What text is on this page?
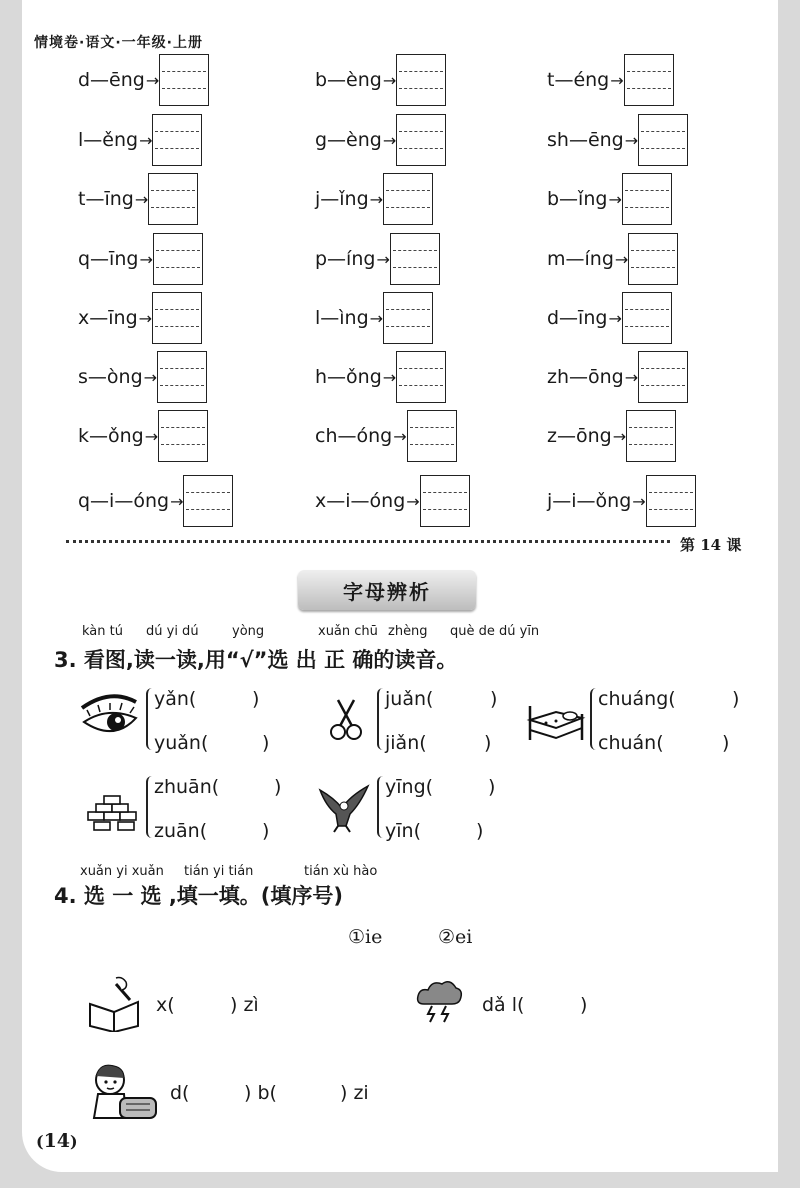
情境卷·语文·一年级·上册
d—ēng →	b—èng →	t—éng →
l—ěng →	g—èng →	sh—ēng →
t—īng →	j—ǐng →	b—ǐng →
q—īng →	p—íng →	m—íng →
x—īng →	l—ìng →	d—īng →
s—òng →	h—ǒng →	zh—ōng →
k—ǒng →	ch—óng →	z—ōng →
q—i—óng →	x—i—óng →	j—i—ǒng →
第 14 课
字母辨析
kàn tú dú yi dú	yòng	xuǎn chū zhèng què de dú yīn
3. 看图,读一读,用“√”选 出 正 确的读音。
yǎn(	)
yuǎn(	)
juǎn(	)
jiǎn(	)
chuáng(	)
chuán(	)
zhuān(	)
zuān(	)
yīng(	)
yīn(	)
xuǎn yi xuǎn tián yi tián	tián xù hào
4. 选 一 选 ,填一填。(填序号)
①ie	②ei
x(	) zì	dǎ l(	)
d(	) b(	) zi
(14)
